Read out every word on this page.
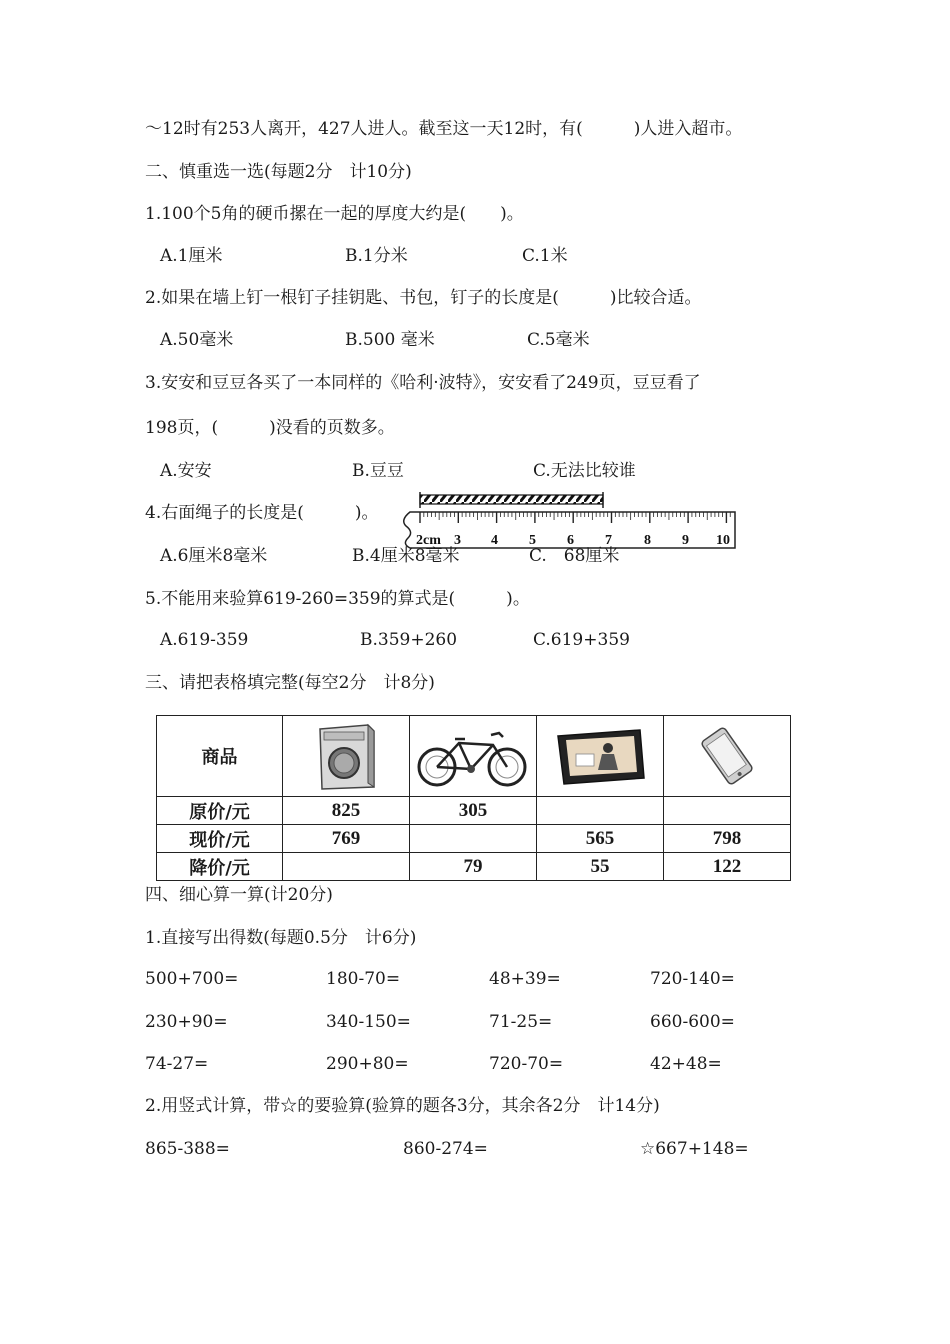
～12时有253人离开，427人进人。截至这一天12时，有(　　　)人进入超市。
二、慎重选一选(每题2分　计10分)
1.100个5角的硬币摞在一起的厚度大约是(　　)。
A.1厘米	B.1分米	C.1米
2.如果在墙上钉一根钉子挂钥匙、书包，钉子的长度是(　　　)比较合适。
A.50毫米	B.500 毫米	C.5毫米
3.安安和豆豆各买了一本同样的《哈利·波特》，安安看了249页，豆豆看了
198页，(　　　)没看的页数多。
A.安安	B.豆豆	C.无法比较谁
4.右面绳子的长度是(　　　)。
2cm 3 4 5 6 7 8 9 10
A.6厘米8毫米	B.4厘米8毫米	C.　68厘米
5.不能用来验算619-260=359的算式是(　　　)。
A.619-359	B.359+260	C.619+359
三、请把表格填完整(每空2分　计8分)
商品	

原价/元	825	305		
现价/元	769		565	798
降价/元		79	55	122
四、细心算一算(计20分)
1.直接写出得数(每题0.5分　计6分)
500+700=	180-70=	48+39=	720-140=
230+90=	340-150=	71-25=	660-600=
74-27=	290+80=	720-70=	42+48=
2.用竖式计算，带☆的要验算(验算的题各3分，其余各2分　计14分)
865-388=	860-274=	☆667+148=
